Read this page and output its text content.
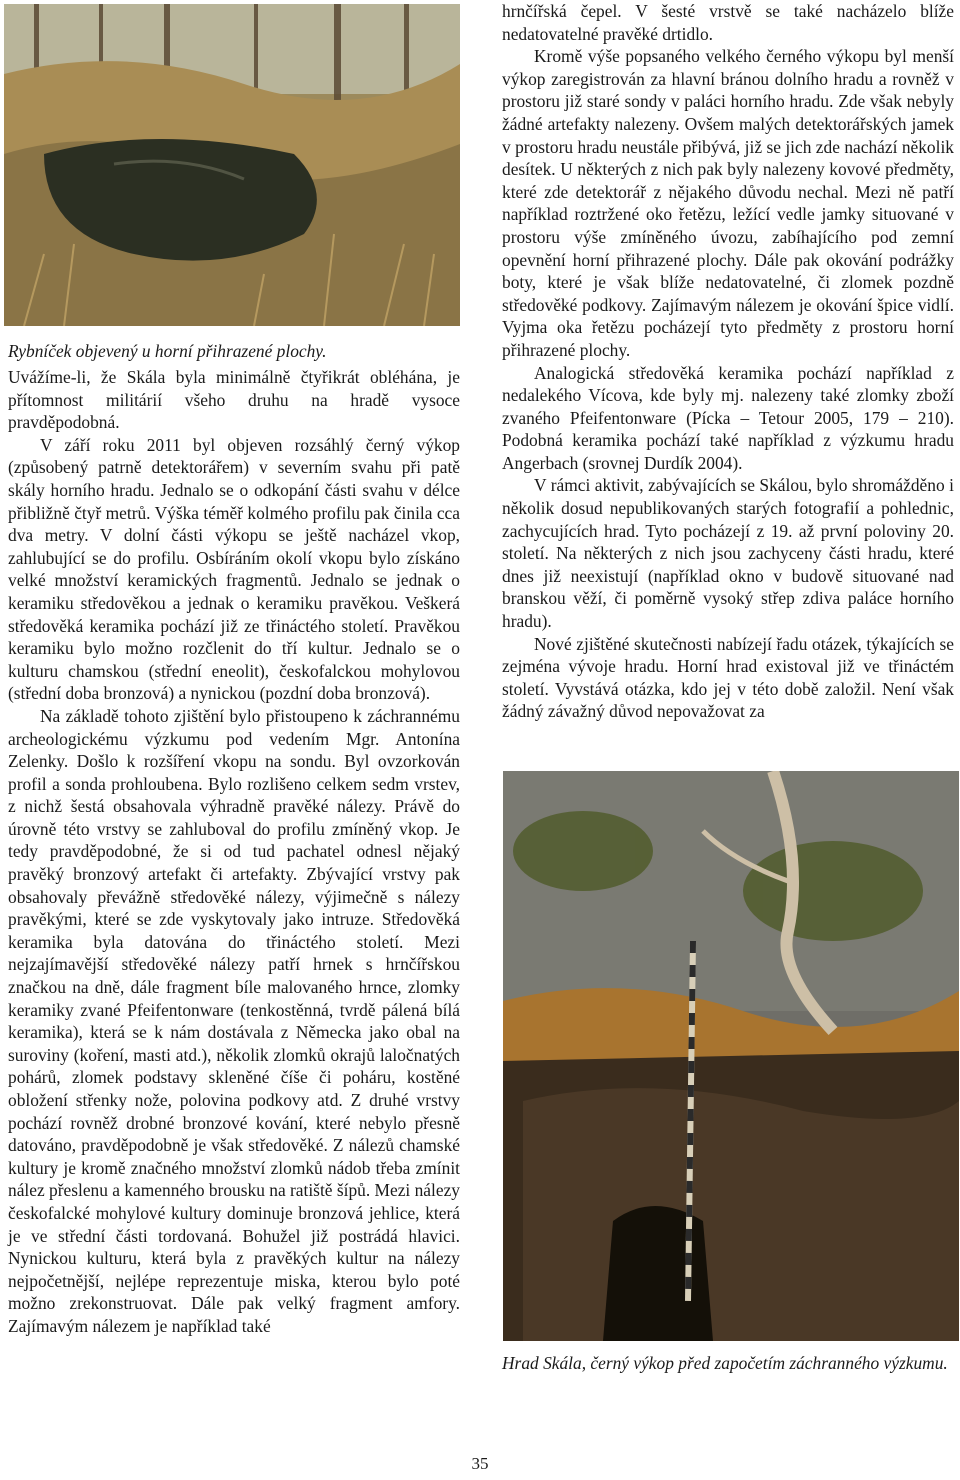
Rybníček objevený u horní přihrazené plochy.

Uvážíme-li, že Skála byla minimálně čtyřikrát obléhána, je přítomnost militárií všeho druhu na hradě vysoce pravděpodobná.

V září roku 2011 byl objeven rozsáhlý černý výkop (způsobený patrně detektorářem) v severním svahu při patě skály horního hradu. Jednalo se o odkopání části svahu v délce přibližně čtyř metrů. Výška téměř kolmého profilu pak činila cca dva metry. V dolní části výkopu se ještě nacházel vkop, zahlubující se do profilu. Osbíráním okolí vkopu bylo získáno velké množství keramických fragmentů. Jednalo se jednak o keramiku středověkou a jednak o keramiku pravěkou. Veškerá středověká keramika pochází již ze třináctého století. Pravěkou keramiku bylo možno rozčlenit do tří kultur. Jednalo se o kulturu chamskou (střední eneolit), českofalckou mohylovou (střední doba bronzová) a nynickou (pozdní doba bronzová).

Na základě tohoto zjištění bylo přistoupeno k záchrannému archeologickému výzkumu pod vedením Mgr. Antonína Zelenky. Došlo k rozšíření vkopu na sondu. Byl ovzorkován profil a sonda prohloubena. Bylo rozlišeno celkem sedm vrstev, z nichž šestá obsahovala výhradně pravěké nálezy. Právě do úrovně této vrstvy se zahluboval do profilu zmíněný vkop. Je tedy pravděpodobné, že si od tud pachatel odnesl nějaký pravěký bronzový artefakt či artefakty. Zbývající vrstvy pak obsahovaly převážně středověké nálezy, výjimečně s nálezy pravěkými, které se zde vyskytovaly jako intruze. Středověká keramika byla datována do třináctého století. Mezi nejzajímavější středověké nálezy patří hrnek s hrnčířskou značkou na dně, dále fragment bíle malovaného hrnce, zlomky keramiky zvané Pfeifentonware (tenkostěnná, tvrdě pálená bílá keramika), která se k nám dostávala z Německa jako obal na suroviny (koření, masti atd.), několik zlomků okrajů laločnatých pohárů, zlomek podstavy skleněné číše či poháru, kostěné obložení střenky nože, polovina podkovy atd. Z druhé vrstvy pochází rovněž drobné bronzové kování, které nebylo přesně datováno, pravděpodobně je však středověké. Z nálezů chamské kultury je kromě značného množství zlomků nádob třeba zmínit nález přeslenu a kamenného brousku na ratiště šípů. Mezi nálezy českofalcké mohylové kultury dominuje bronzová jehlice, která je ve střední části tordovaná. Bohužel již postrádá hlavici. Nynickou kulturu, která byla z pravěkých kultur na nálezy nejpočetnější, nejlépe reprezentuje miska, kterou bylo poté možno zrekonstruovat. Dále pak velký fragment amfory. Zajímavým nálezem je například také

hrnčířská čepel. V šesté vrstvě se také nacházelo blíže nedatovatelné pravěké drtidlo.

Kromě výše popsaného velkého černého výkopu byl menší výkop zaregistrován za hlavní bránou dolního hradu a rovněž v prostoru již staré sondy v paláci horního hradu. Zde však nebyly žádné artefakty nalezeny. Ovšem malých detektorářských jamek v prostoru hradu neustále přibývá, již se jich zde nachází několik desítek. U některých z nich pak byly nalezeny kovové předměty, které zde detektorář z nějakého důvodu nechal. Mezi ně patří například roztržené oko řetězu, ležící vedle jamky situované v prostoru výše zmíněného úvozu, zabíhajícího pod zemní opevnění horní přihrazené plochy. Dále pak okování podrážky boty, které je však blíže nedatovatelné, či zlomek pozdně středověké podkovy. Zajímavým nálezem je okování špice vidlí. Vyjma oka řetězu pocházejí tyto předměty z prostoru horní přihrazené plochy.

Analogická středověká keramika pochází například z nedalekého Vícova, kde byly mj. nalezeny také zlomky zboží zvaného Pfeifentonware (Pícka – Tetour 2005, 179 – 210). Podobná keramika pochází také například z výzkumu hradu Angerbach (srovnej Durdík 2004).

V rámci aktivit, zabývajících se Skálou, bylo shromážděno i několik dosud nepublikovaných starých fotografií a pohlednic, zachycujících hrad. Tyto pocházejí z 19. až první poloviny 20. století. Na některých z nich jsou zachyceny části hradu, které dnes již neexistují (například okno v budově situované nad branskou věží, či poměrně vysoký střep zdiva paláce horního hradu).

Nové zjištěné skutečnosti nabízejí řadu otázek, týkajících se zejména vývoje hradu. Horní hrad existoval již ve třináctém století. Vyvstává otázka, kdo jej v této době založil. Není však žádný závažný důvod nepovažovat za

Hrad Skála, černý výkop před započetím záchranného výzkumu.
35
